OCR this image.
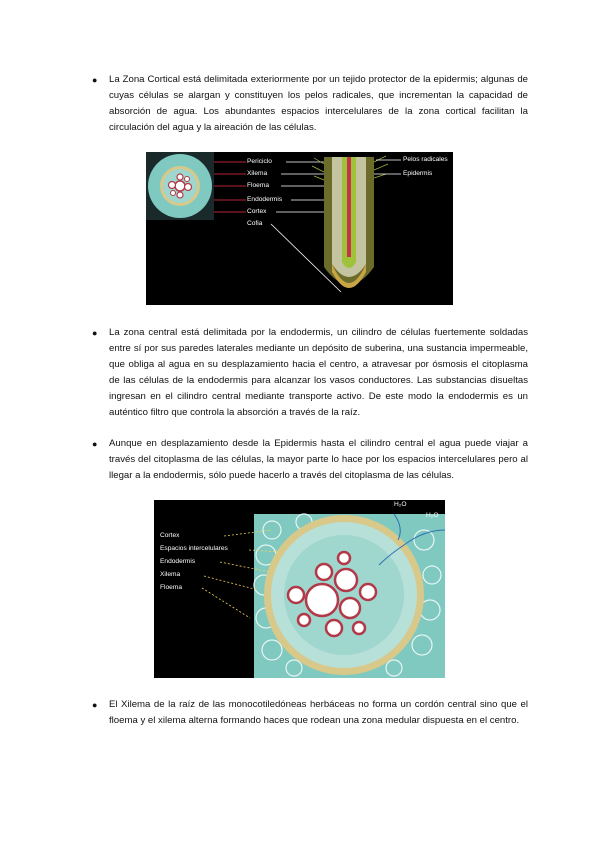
● La Zona Cortical está delimitada exteriormente por un tejido protector de la epidermis; algunas de cuyas células se alargan y constituyen los pelos radicales, que incrementan la capacidad de absorción de agua. Los abundantes espacios intercelulares de la zona cortical facilitan la circulación del agua y la aireación de las células.
Periciclo
Xilema
Floema
Endodermis
Cortex
Cofia
Pelos radicales
Epidermis
● La zona central está delimitada por la endodermis, un cilindro de células fuertemente soldadas entre sí por sus paredes laterales mediante un depósito de suberina, una sustancia impermeable, que obliga al agua en su desplazamiento hacia el centro, a atravesar por ósmosis el citoplasma de las células de la endodermis para alcanzar los vasos conductores. Las substancias disueltas ingresan en el cilindro central mediante transporte activo. De este modo la endodermis es un auténtico filtro que controla la absorción a través de la raíz.
● Aunque en desplazamiento desde la Epidermis hasta el cilindro central el agua puede viajar a través del citoplasma de las células, la mayor parte lo hace por los espacios intercelulares pero al llegar a la endodermis, sólo puede hacerlo a través del citoplasma de las células.
Cortex
Espacios intercelulares
Endodermis
Xilema
Floema
H₂O
H₂O
● El Xilema de la raíz de las monocotiledóneas herbáceas no forma un cordón central sino que el floema y el xilema alterna formando haces que rodean una zona medular dispuesta en el centro.
